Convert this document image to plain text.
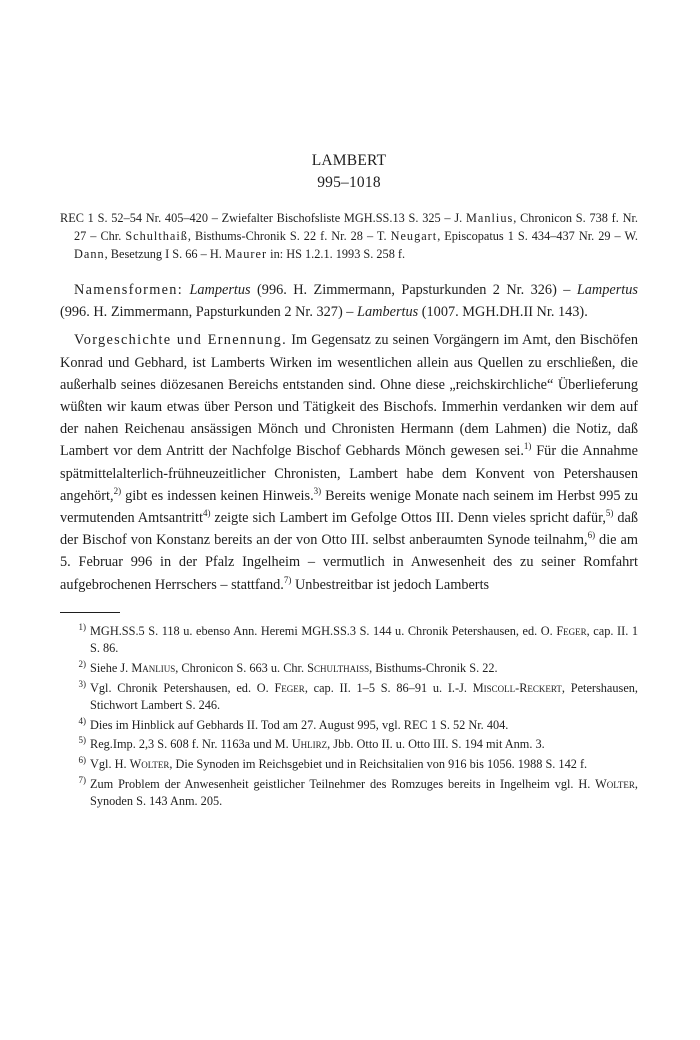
LAMBERT
995–1018
REC 1 S. 52–54 Nr. 405–420 – Zwiefalter Bischofsliste MGH.SS.13 S. 325 – J. Manlius, Chronicon S. 738 f. Nr. 27 – Chr. Schulthaiß, Bisthums-Chronik S. 22 f. Nr. 28 – T. Neugart, Episcopatus 1 S. 434–437 Nr. 29 – W. Dann, Besetzung I S. 66 – H. Maurer in: HS 1.2.1. 1993 S. 258 f.

Namensformen: Lampertus (996. H. Zimmermann, Papsturkunden 2 Nr. 326) – Lampertus (996. H. Zimmermann, Papsturkunden 2 Nr. 327) – Lambertus (1007. MGH.DH.II Nr. 143).

Vorgeschichte und Ernennung. Im Gegensatz zu seinen Vorgängern im Amt, den Bischöfen Konrad und Gebhard, ist Lamberts Wirken im wesentlichen allein aus Quellen zu erschließen, die außerhalb seines diözesanen Bereichs entstanden sind. Ohne diese „reichskirchliche“ Überlieferung wüßten wir kaum etwas über Person und Tätigkeit des Bischofs. Immerhin verdanken wir dem auf der nahen Reichenau ansässigen Mönch und Chronisten Hermann (dem Lahmen) die Notiz, daß Lambert vor dem Antritt der Nachfolge Bischof Gebhards Mönch gewesen sei.$^{1)}$ Für die Annahme spätmittelalterlich-frühneuzeitlicher Chronisten, Lambert habe dem Konvent von Petershausen angehört,$^{2)}$ gibt es indessen keinen Hinweis.$^{3)}$ Bereits wenige Monate nach seinem im Herbst 995 zu vermutenden Amtsantritt$^{4)}$ zeigte sich Lambert im Gefolge Ottos III. Denn vieles spricht dafür,$^{5)}$ daß der Bischof von Konstanz bereits an der von Otto III. selbst anberaumten Synode teilnahm,$^{6)}$ die am 5. Februar 996 in der Pfalz Ingelheim – vermutlich in Anwesenheit des zu seiner Romfahrt aufgebrochenen Herrschers – stattfand.$^{7)}$ Unbestreitbar ist jedoch Lamberts

$^{1)}$ MGH.SS.5 S. 118 u. ebenso Ann. Heremi MGH.SS.3 S. 144 u. Chronik Petershausen, ed. O. Feger, cap. II. 1 S. 86.
$^{2)}$ Siehe J. Manlius, Chronicon S. 663 u. Chr. Schulthaiß, Bisthums-Chronik S. 22.
$^{3)}$ Vgl. Chronik Petershausen, ed. O. Feger, cap. II. 1–5 S. 86–91 u. I.-J. Miscoll-Reckert, Petershausen, Stichwort Lambert S. 246.
$^{4)}$ Dies im Hinblick auf Gebhards II. Tod am 27. August 995, vgl. REC 1 S. 52 Nr. 404.
$^{5)}$ Reg.Imp. 2,3 S. 608 f. Nr. 1163a und M. Uhlirz, Jbb. Otto II. u. Otto III. S. 194 mit Anm. 3.
$^{6)}$ Vgl. H. Wolter, Die Synoden im Reichsgebiet und in Reichsitalien von 916 bis 1056. 1988 S. 142 f.
$^{7)}$ Zum Problem der Anwesenheit geistlicher Teilnehmer des Romzuges bereits in Ingelheim vgl. H. Wolter, Synoden S. 143 Anm. 205.
